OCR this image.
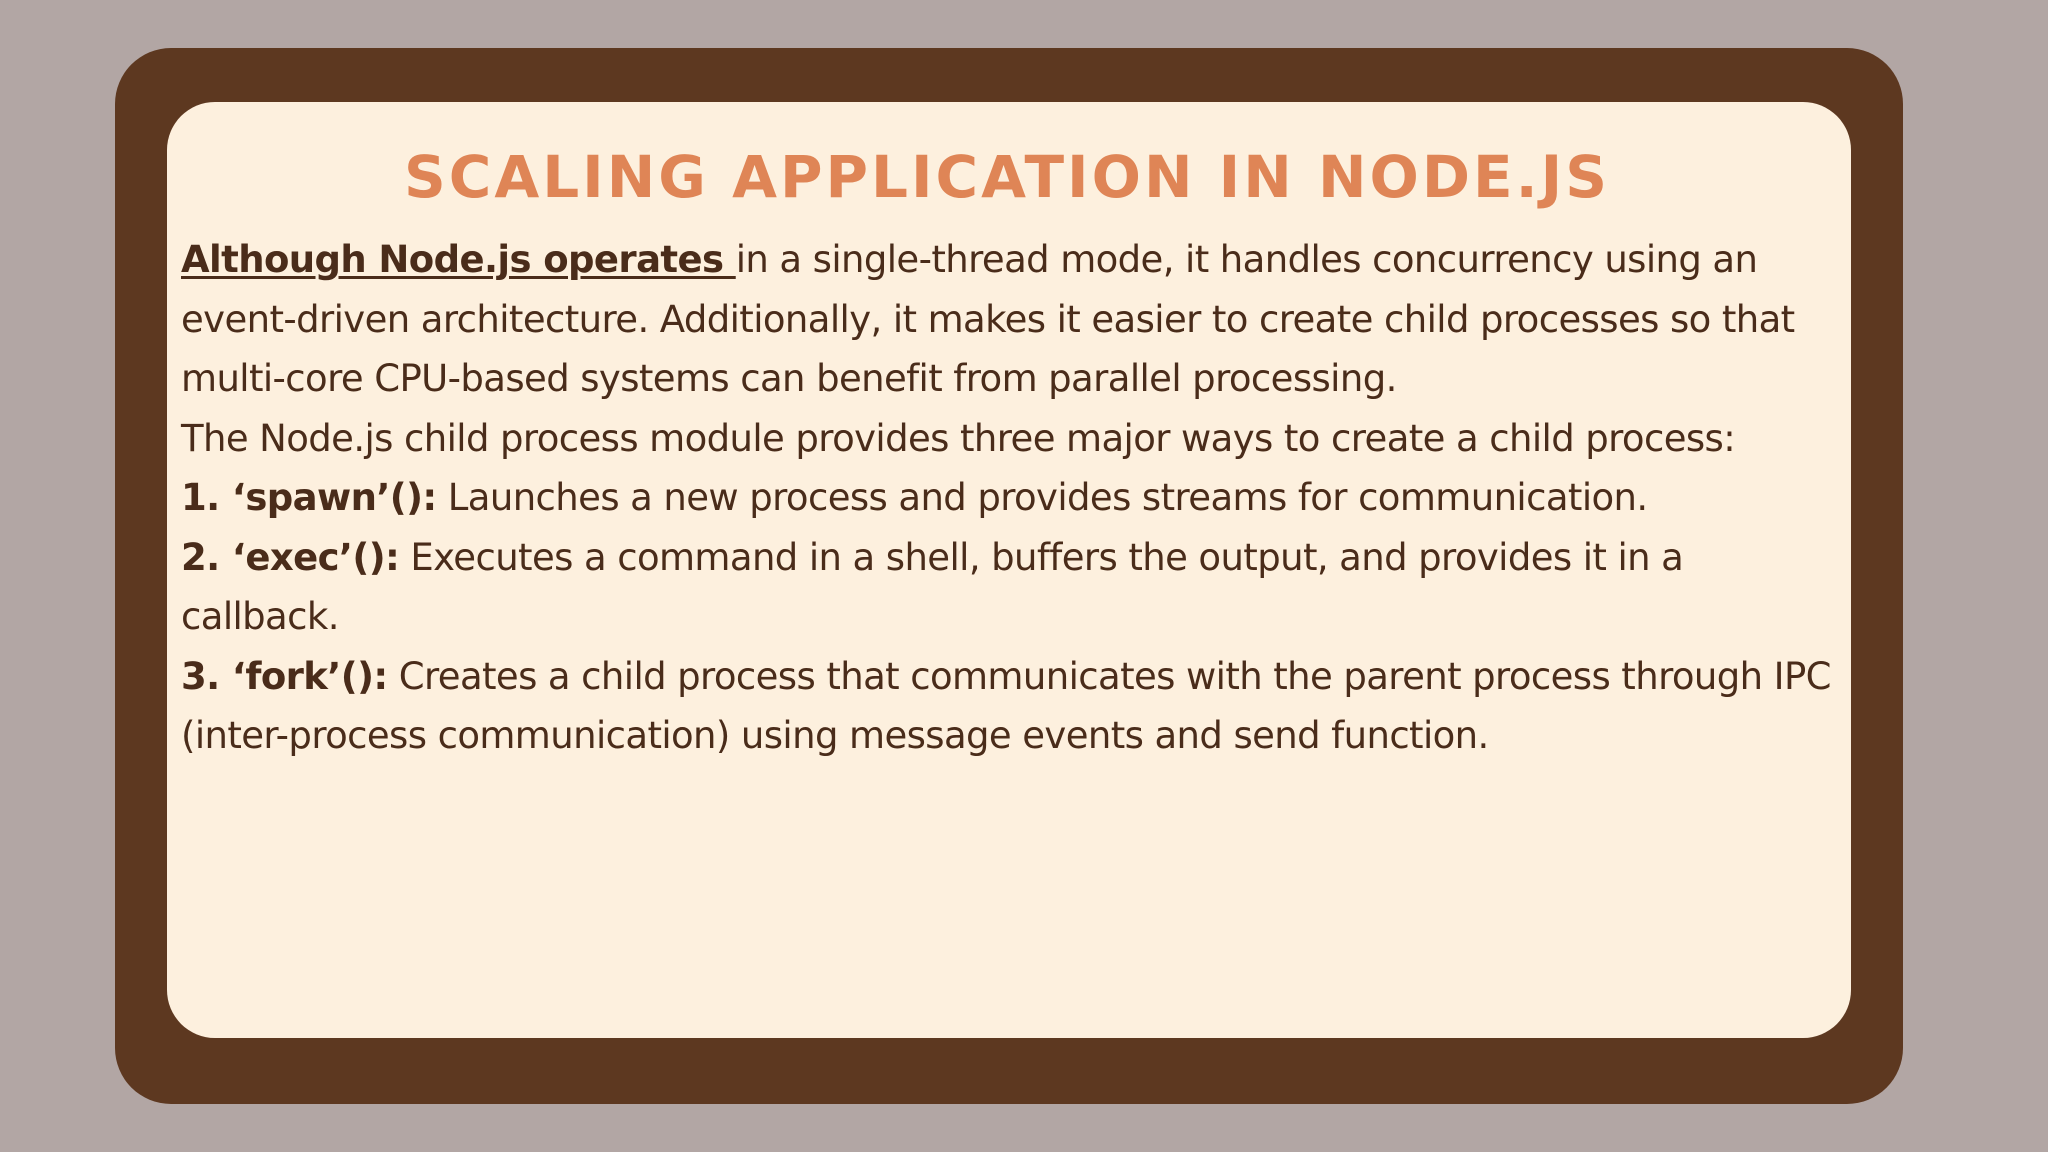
SCALING APPLICATION IN NODE.JS

Although Node.js operates in a single-thread mode, it handles concurrency using an event-driven architecture. Additionally, it makes it easier to create child processes so that multi-core CPU-based systems can benefit from parallel processing.

The Node.js child process module provides three major ways to create a child process:

1. ‘spawn’(): Launches a new process and provides streams for communication.

2. ‘exec’(): Executes a command in a shell, buffers the output, and provides it in a callback.

3. ‘fork’(): Creates a child process that communicates with the parent process through IPC (inter-process communication) using message events and send function.
